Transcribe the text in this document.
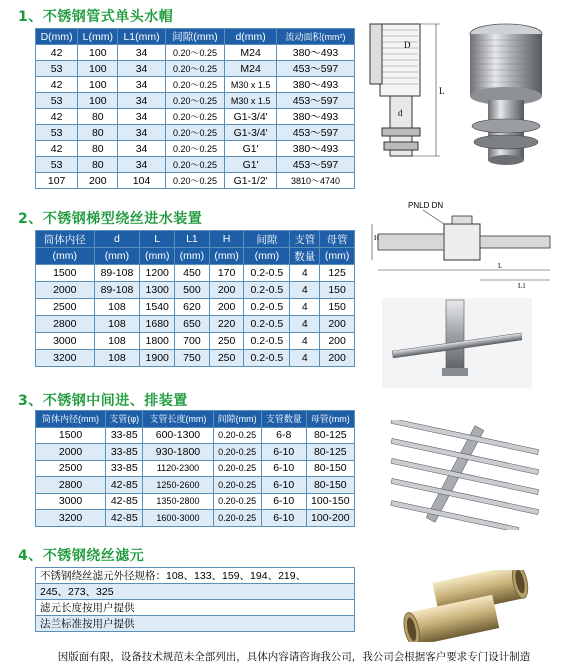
1、不锈钢管式单头水帽
D(mm)	L(mm)	L1(mm)	间隙(mm)	d(mm)	流动面积(mm²)
42	100	34	0.20～0.25	M24	380～493
53	100	34	0.20～0.25	M24	453～597
42	100	34	0.20～0.25	M30 x 1.5	380～493
53	100	34	0.20～0.25	M30 x 1.5	453～597
42	80	34	0.20～0.25	G1-3/4'	380～493
53	80	34	0.20～0.25	G1-3/4'	453～597
42	80	34	0.20～0.25	G1'	380～493
53	80	34	0.20～0.25	G1'	453～597
107	200	104	0.20～0.25	G1-1/2'	3810～4740
D
L
d
2、不锈钢梯型绕丝进水装置
筒体内径	d	L	L1	H	间隙	支管	母管
(mm)	(mm)	(mm)	(mm)	(mm)	(mm)	数量	(mm)
1500	89-108	1200	450	170	0.2-0.5	4	125
2000	89-108	1300	500	200	0.2-0.5	4	150
2500	108	1540	620	200	0.2-0.5	4	150
2800	108	1680	650	220	0.2-0.5	4	200
3000	108	1800	700	250	0.2-0.5	4	200
3200	108	1900	750	250	0.2-0.5	4	200
PNLD DN
H
L
L1
3、不锈钢中间进、排装置
筒体内径(mm)	支管(φ)	支管长度(mm)	间隙(mm)	支管数量	母管(mm)
1500	33-85	600-1300	0.20-0.25	6-8	80-125
2000	33-85	930-1800	0.20-0.25	6-10	80-125
2500	33-85	1120-2300	0.20-0.25	6-10	80-150
2800	42-85	1250-2600	0.20-0.25	6-10	80-150
3000	42-85	1350-2800	0.20-0.25	6-10	100-150
3200	42-85	1600-3000	0.20-0.25	6-10	100-200
4、不锈钢绕丝滤元
不锈钢绕丝滤元外径规格：108、133、159、194、219、
245、273、325
滤元长度按用户提供
法兰标准按用户提供
因版面有限，设备技术规范未全部列出，具体内容请咨询我公司，我公司会根据客户要求专门设计制造
